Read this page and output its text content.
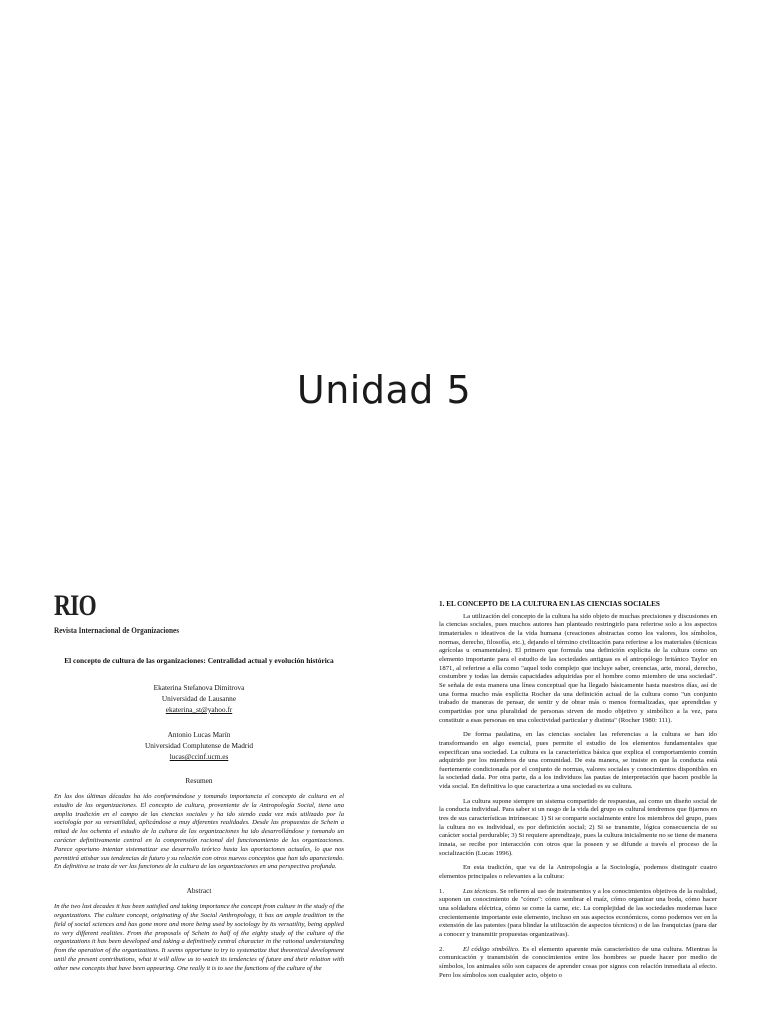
Unidad 5
RIO
Revista Internacional de Organizaciones
El concepto de cultura de las organizaciones: Centralidad actual y evolución histórica
Ekaterina Stefanova Dimitrova
Universidad de Lausanne
ekaterina_st@yahoo.fr
Antonio Lucas Marín
Universidad Complutense de Madrid
lucas@ccinf.ucm.es
Resumen
En las dos últimas décadas ha ido conformándose y tomando importancia el concepto de cultura en el estudio de las organizaciones. El concepto de cultura, proveniente de la Antropología Social, tiene una amplia tradición en el campo de las ciencias sociales y ha ido siendo cada vez más utilizado por la sociología por su versatilidad, aplicándose a muy diferentes realidades. Desde las propuestas de Schein a mitad de los ochenta el estudio de la cultura de las organizaciones ha ido desarrollándose y tomando un carácter definitivamente central en la comprensión racional del funcionamiento de las organizaciones. Parece oportuno intentar sistematizar ese desarrollo teórico hasta las aportaciones actuales, lo que nos permitirá atisbar sus tendencias de futuro y su relación con otros nuevos conceptos que han ido apareciendo. En definitiva se trata de ver las funciones de la cultura de las organizaciones en una perspectiva profunda.
Abstract
In the two last decades it has been satisfied and taking importance the concept from culture in the study of the organizations. The culture concept, originating of the Social Anthropology, it has an ample tradition in the field of social sciences and has gone more and more being used by sociology by its versatility, being applied to very different realities. From the proposals of Schein to half of the eighty study of the culture of the organizations it has been developed and taking a definitively central character in the rational understanding from the operation of the organizations. It seems opportune to try to systematize that theoretical development until the present contributions, what it will allow us to watch its tendencies of future and their relation with other new concepts that have been appearing. One really it is to see the functions of the culture of the
1. EL CONCEPTO DE LA CULTURA EN LAS CIENCIAS SOCIALES

La utilización del concepto de la cultura ha sido objeto de muchas precisiones y discusiones en la ciencias sociales, pues muchos autores han planteado restringirlo para referirse solo a los aspectos inmateriales o ideativos de la vida humana (creaciones abstractas como los valores, los símbolos, normas, derecho, filosofía, etc.), dejando el término civilización para referirse a los materiales (técnicas agrícolas u ornamentales). El primero que formula una definición explícita de la cultura como un elemento importante para el estudio de las sociedades antiguas es el antropólogo británico Taylor en 1871, al referirse a ella como "aquel todo complejo que incluye saber, creencias, arte, moral, derecho, costumbre y todas las demás capacidades adquiridas por el hombre como miembro de una sociedad". Se señala de esta manera una línea conceptual que ha llegado básicamente hasta nuestros días, así de una forma mucho más explícita Rocher da una definición actual de la cultura como "un conjunto trabado de maneras de pensar, de sentir y de obrar más o menos formalizadas, que aprendidas y compartidas por una pluralidad de personas sirven de modo objetivo y simbólico a la vez, para constituir a esas personas en una colectividad particular y distinta" (Rocher 1980: 111).

De forma paulatina, en las ciencias sociales las referencias a la cultura se han ido transformando en algo esencial, pues permite el estudio de los elementos fundamentales que especifican una sociedad. La cultura es la característica básica que explica el comportamiento común adquirido por los miembros de una comunidad. De esta manera, se insiste en que la conducta está fuertemente condicionada por el conjunto de normas, valores sociales y conocimientos disponibles en la sociedad dada. Por otra parte, da a los individuos las pautas de interpretación que hacen posible la vida social. En definitiva lo que caracteriza a una sociedad es su cultura.

La cultura supone siempre un sistema compartido de respuestas, así como un diseño social de la conducta individual. Para saber si un rasgo de la vida del grupo es cultural tendremos que fijarnos en tres de sus características intrínsecas: 1) Si se comparte socialmente entre los miembros del grupo, pues la cultura no es individual, es por definición social; 2) Si se transmite, lógica consecuencia de su carácter social perdurable; 3) Si requiere aprendizaje, pues la cultura inicialmente no se tiene de manera innata, se recibe por interacción con otros que la poseen y se difunde a través el proceso de la socialización (Lucas 1996).

En esta tradición, que va de la Antropología a la Sociología, podemos distinguir cuatro elementos principales o relevantes a la cultura:

1.	Las técnicas. Se refieren al uso de instrumentos y a los conocimientos objetivos de la realidad, suponen un conocimiento de "cómo": cómo sembrar el maíz, cómo organizar una boda, cómo hacer una soldadura eléctrica, cómo se come la carne, etc. La complejidad de las sociedades modernas hace crecientemente importante este elemento, incluso en sus aspectos económicos, como podemos ver en la extensión de las patentes (para blindar la utilización de aspectos técnicos) o de las franquicias (para dar a conocer y transmitir propuestas organizativas).

2.	El código simbólico. Es el elemento aparente más característico de una cultura. Mientras la comunicación y transmisión de conocimientos entre los hombres se puede hacer por medio de símbolos, los animales sólo son capaces de aprender cosas por signos con relación inmediata al efecto. Pero los símbolos son cualquier acto, objeto o
